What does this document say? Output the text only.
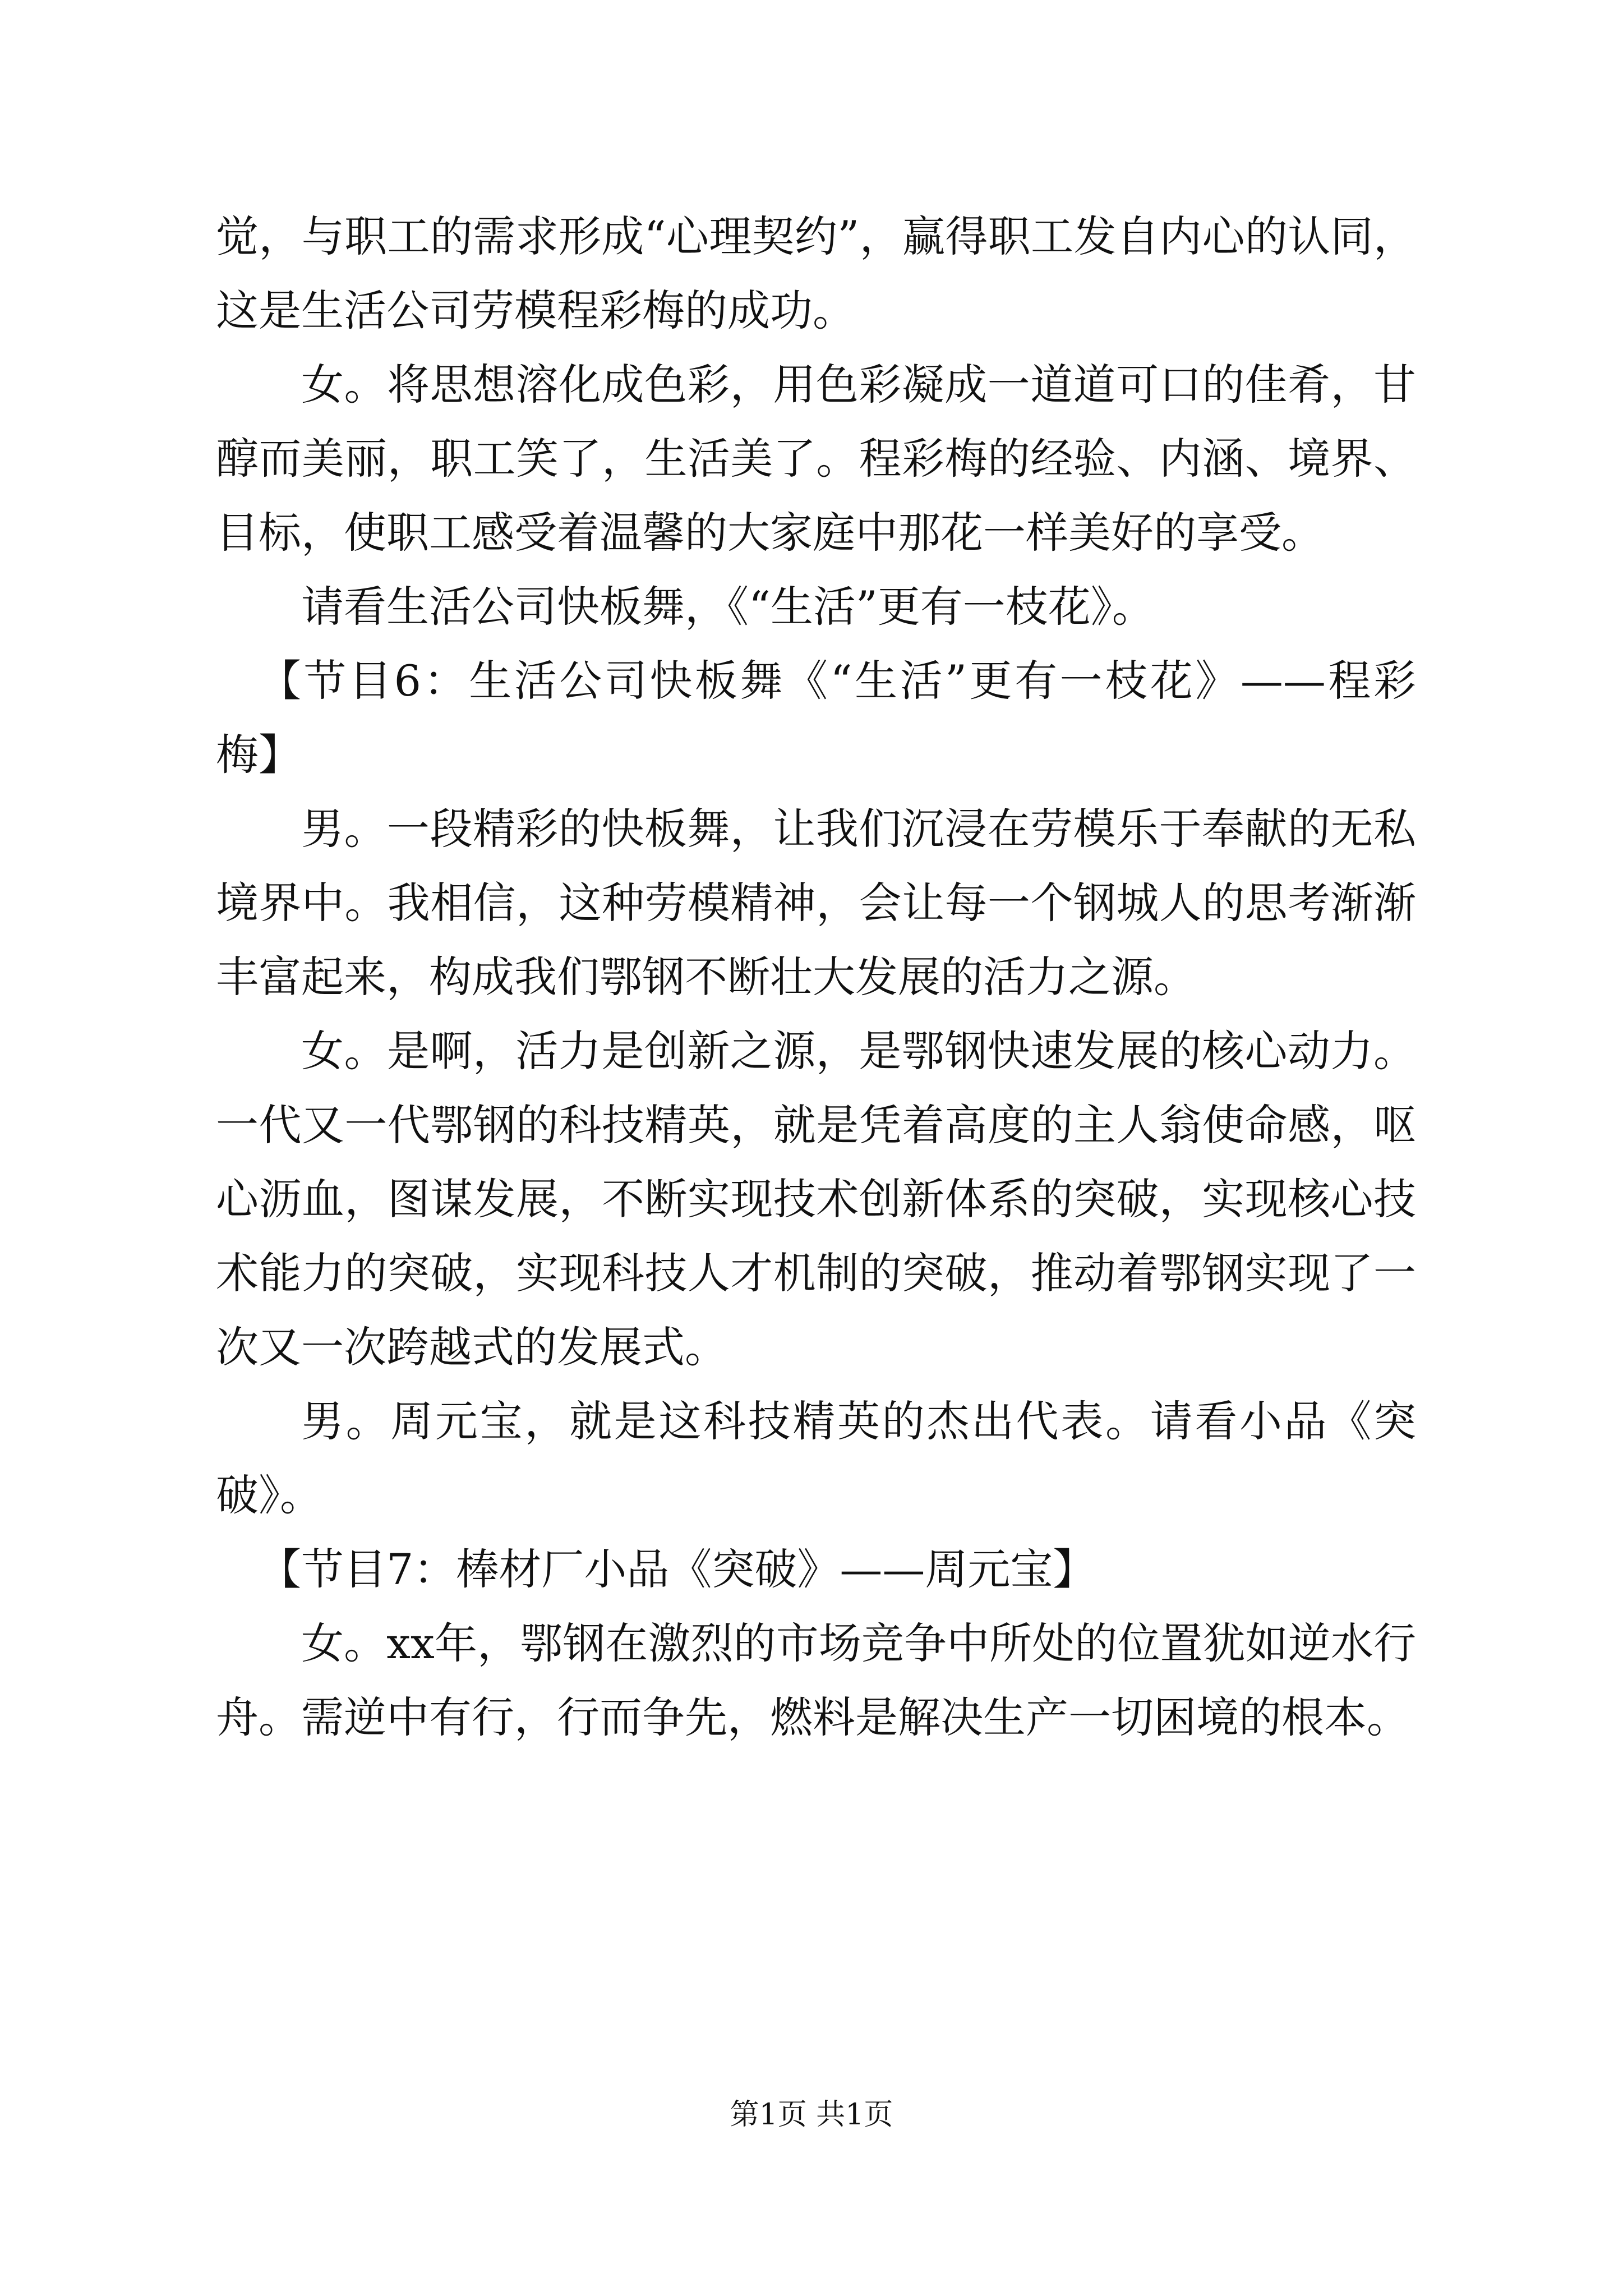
觉，与职工的需求形成“心理契约”，赢得职工发自内心的认同，这是生活公司劳模程彩梅的成功。

女。将思想溶化成色彩，用色彩凝成一道道可口的佳肴，甘醇而美丽，职工笑了，生活美了。程彩梅的经验、内涵、境界、目标，使职工感受着温馨的大家庭中那花一样美好的享受。

请看生活公司快板舞，《“生活”更有一枝花》。

【节目6：生活公司快板舞《“生活”更有一枝花》——程彩梅】

男。一段精彩的快板舞，让我们沉浸在劳模乐于奉献的无私境界中。我相信，这种劳模精神，会让每一个钢城人的思考渐渐丰富起来，构成我们鄂钢不断壮大发展的活力之源。

女。是啊，活力是创新之源，是鄂钢快速发展的核心动力。一代又一代鄂钢的科技精英，就是凭着高度的主人翁使命感，呕心沥血，图谋发展，不断实现技术创新体系的突破，实现核心技术能力的突破，实现科技人才机制的突破，推动着鄂钢实现了一次又一次跨越式的发展式。

男。周元宝，就是这科技精英的杰出代表。请看小品《突破》。

【节目7：棒材厂小品《突破》——周元宝】

女。xx年，鄂钢在激烈的市场竞争中所处的位置犹如逆水行舟。需逆中有行，行而争先，燃料是解决生产一切困境的根本。

第1页 共1页
